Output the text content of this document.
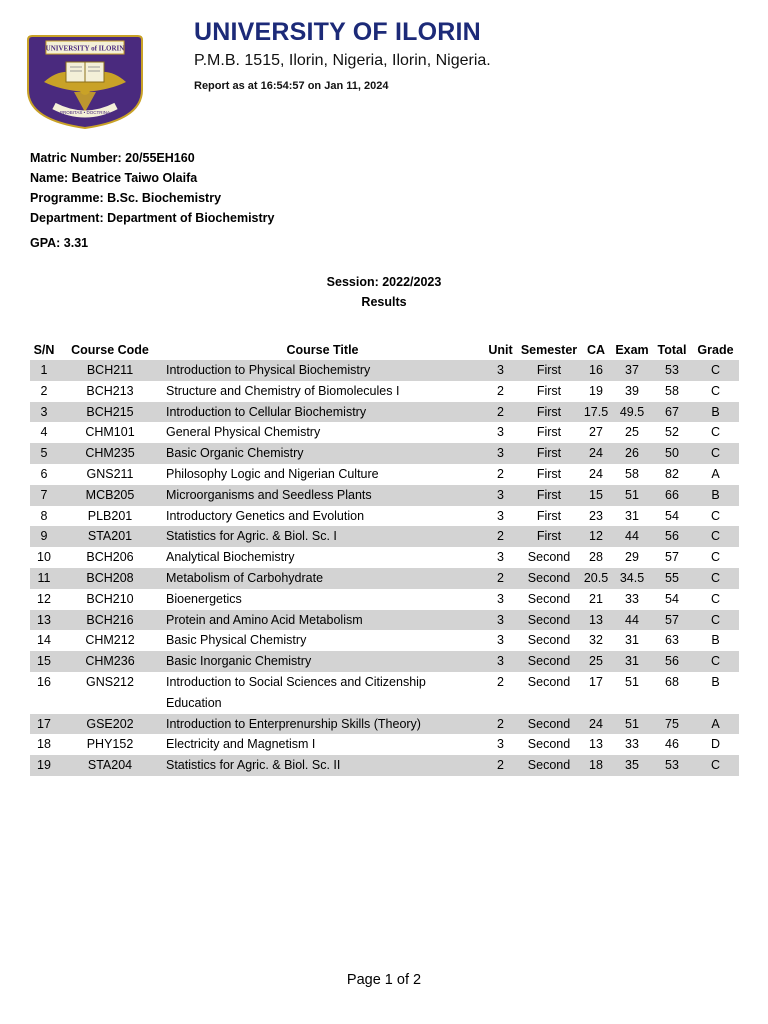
UNIVERSITY of ILORIN
PROBITAS • DOCTRINA
UNIVERSITY OF ILORIN
P.M.B. 1515, Ilorin, Nigeria, Ilorin, Nigeria.
Report as at 16:54:57 on Jan 11, 2024
Matric Number: 20/55EH160
Name: Beatrice Taiwo Olaifa
Programme: B.Sc. Biochemistry
Department: Department of Biochemistry
GPA: 3.31
Session: 2022/2023
Results
S/N	Course Code	Course Title	Unit	Semester	CA	Exam	Total	Grade
1	BCH211	Introduction to Physical Biochemistry	3	First	16	37	53	C
2	BCH213	Structure and Chemistry of Biomolecules I	2	First	19	39	58	C
3	BCH215	Introduction to Cellular Biochemistry	2	First	17.5	49.5	67	B
4	CHM101	General Physical Chemistry	3	First	27	25	52	C
5	CHM235	Basic Organic Chemistry	3	First	24	26	50	C
6	GNS211	Philosophy Logic and Nigerian Culture	2	First	24	58	82	A
7	MCB205	Microorganisms and Seedless Plants	3	First	15	51	66	B
8	PLB201	Introductory Genetics and Evolution	3	First	23	31	54	C
9	STA201	Statistics for Agric. & Biol. Sc. I	2	First	12	44	56	C
10	BCH206	Analytical Biochemistry	3	Second	28	29	57	C
11	BCH208	Metabolism of Carbohydrate	2	Second	20.5	34.5	55	C
12	BCH210	Bioenergetics	3	Second	21	33	54	C
13	BCH216	Protein and Amino Acid Metabolism	3	Second	13	44	57	C
14	CHM212	Basic Physical Chemistry	3	Second	32	31	63	B
15	CHM236	Basic Inorganic Chemistry	3	Second	25	31	56	C
16	GNS212	Introduction to Social Sciences and Citizenship Education	2	Second	17	51	68	B
17	GSE202	Introduction to Enterprenurship Skills (Theory)	2	Second	24	51	75	A
18	PHY152	Electricity and Magnetism I	3	Second	13	33	46	D
19	STA204	Statistics for Agric. & Biol. Sc. II	2	Second	18	35	53	C
Page 1 of 2
